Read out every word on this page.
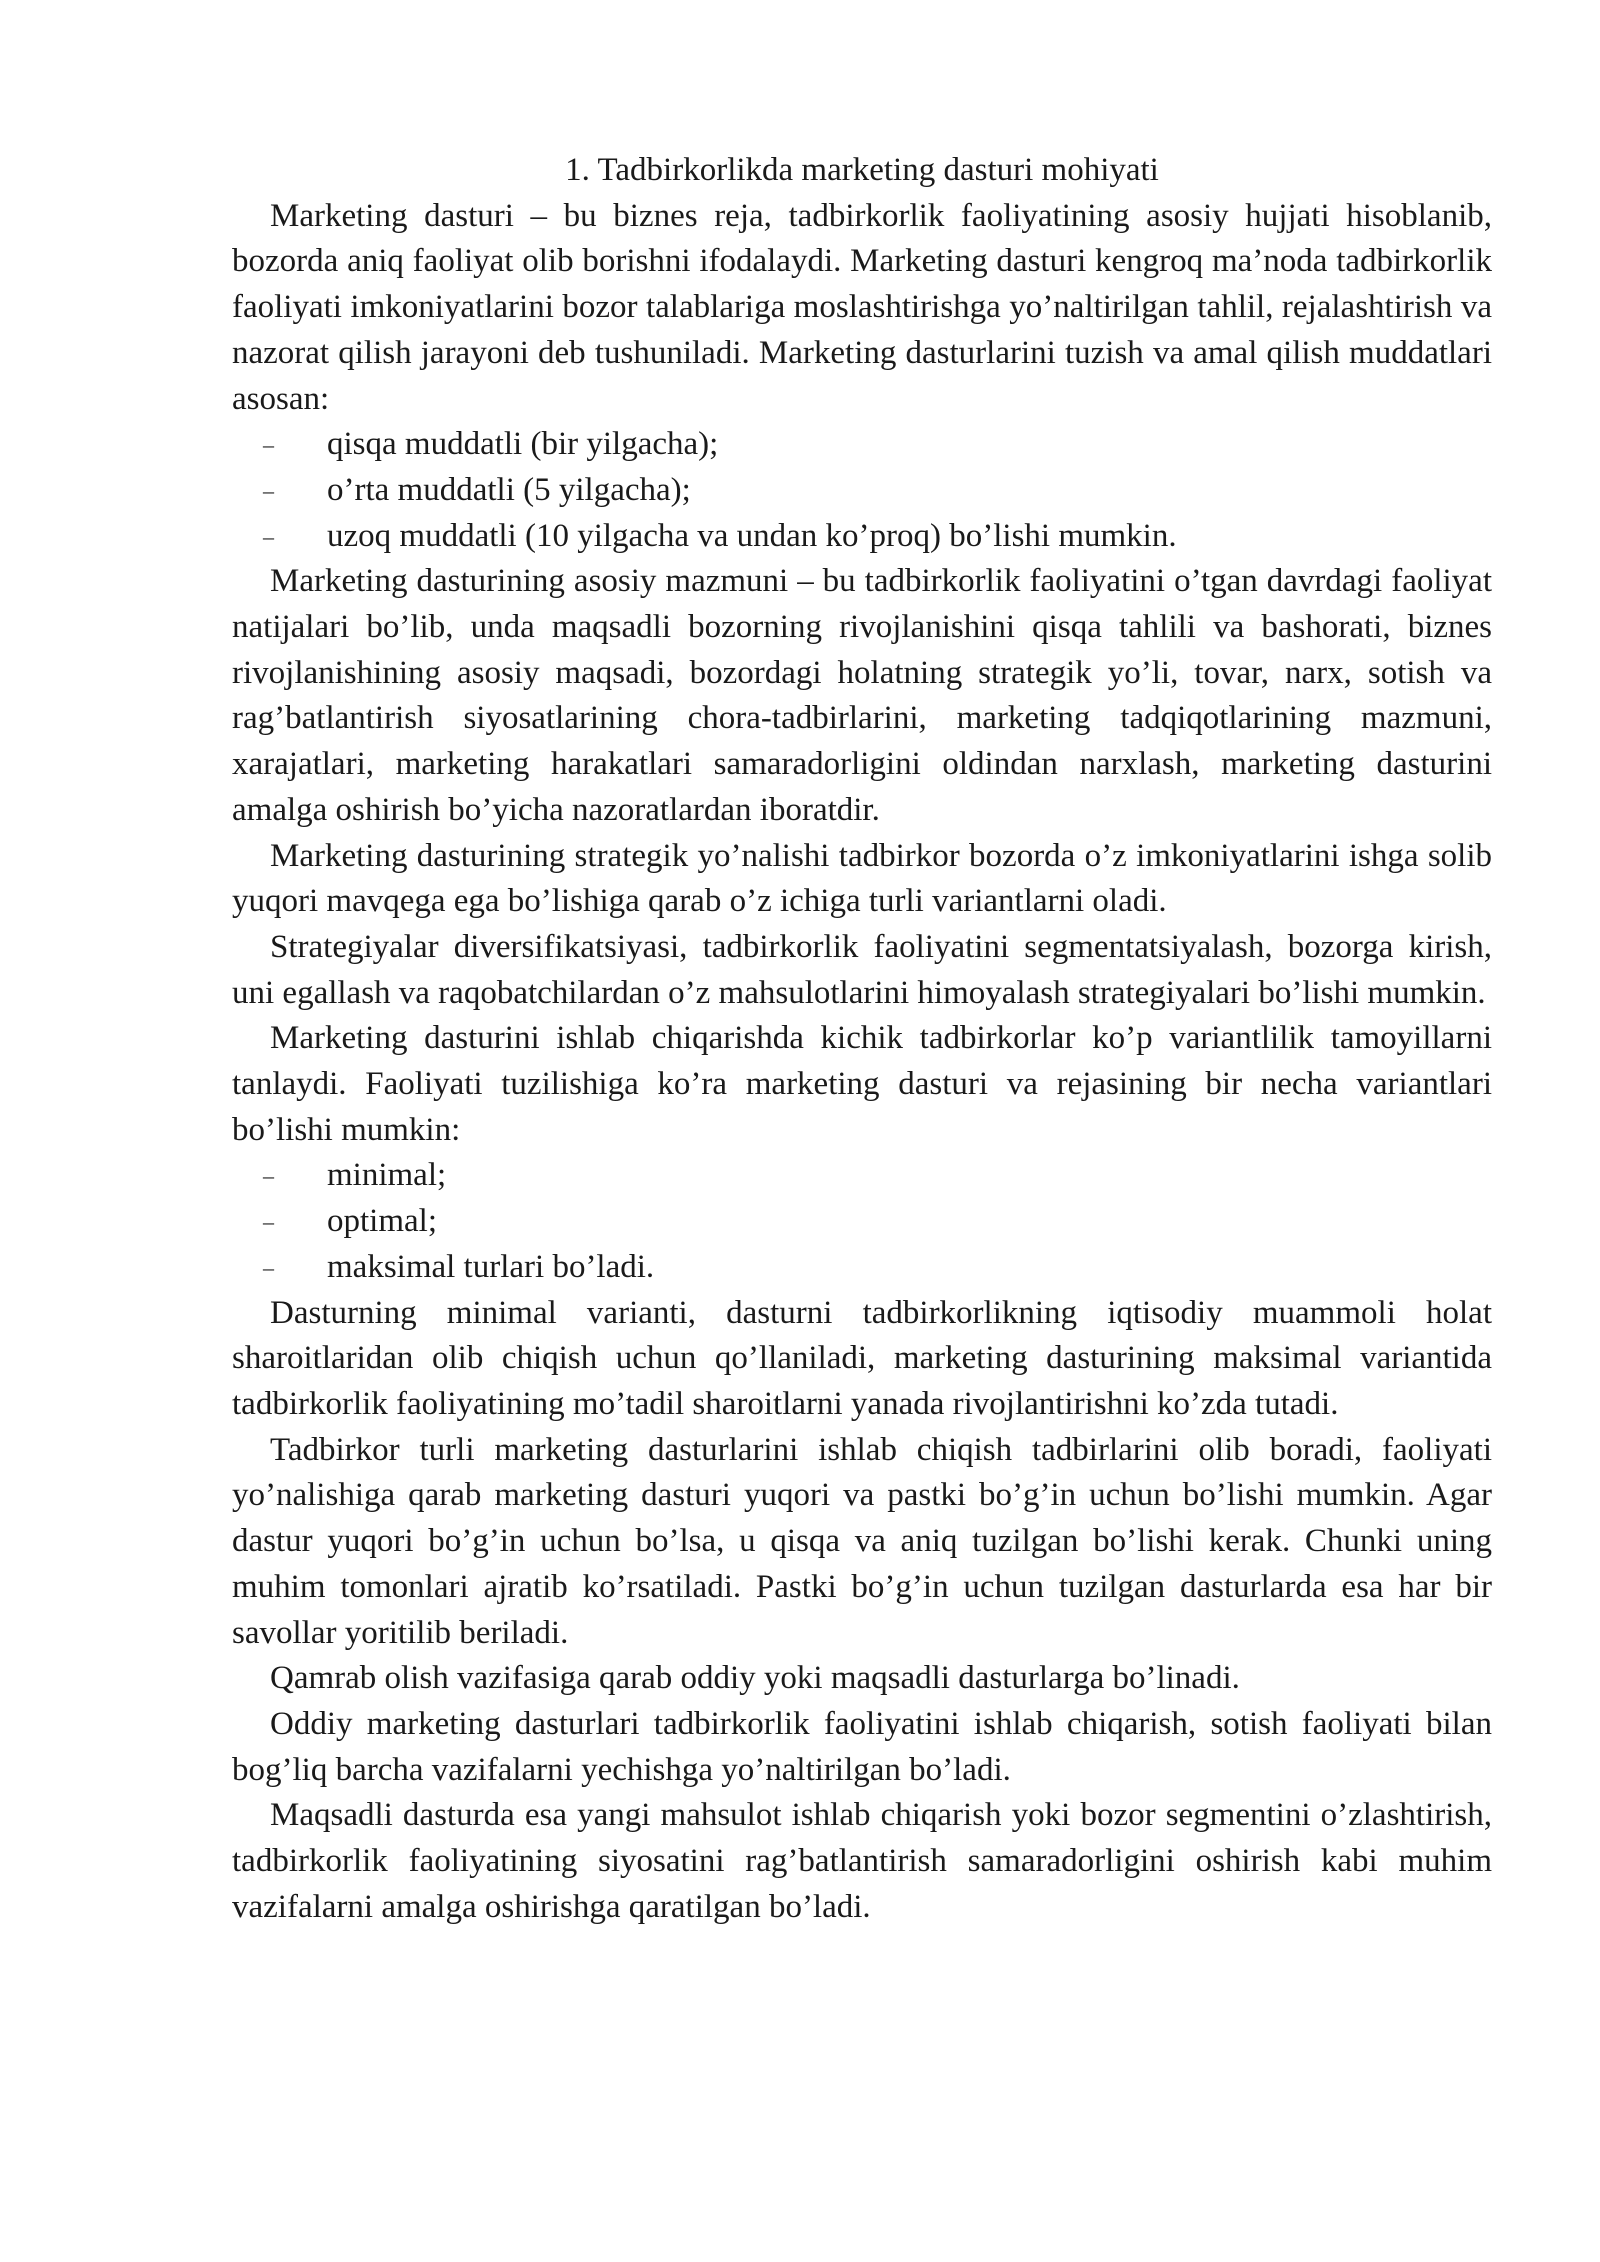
1. Tadbirkorlikda marketing dasturi mohiyati

Marketing dasturi – bu biznes reja, tadbirkorlik faoliyatining asosiy hujjati hisoblanib, bozorda aniq faoliyat olib borishni ifodalaydi. Marketing dasturi kengroq ma’noda tadbirkorlik faoliyati imkoniyatlarini bozor talablariga moslashtirishga yo’naltirilgan tahlil, rejalashtirish va nazorat qilish jarayoni deb tushuniladi. Marketing dasturlarini tuzish va amal qilish muddatlari asosan:

– qisqa muddatli (bir yilgacha);
– o’rta muddatli (5 yilgacha);
– uzoq muddatli (10 yilgacha va undan ko’proq) bo’lishi mumkin.

Marketing dasturining asosiy mazmuni – bu tadbirkorlik faoliyatini o’tgan davrdagi faoliyat natijalari bo’lib, unda maqsadli bozorning rivojlanishini qisqa tahlili va bashorati, biznes rivojlanishining asosiy maqsadi, bozordagi holatning strategik yo’li, tovar, narx, sotish va rag’batlantirish siyosatlarining chora-tadbirlarini, marketing tadqiqotlarining mazmuni, xarajatlari, marketing harakatlari samaradorligini oldindan narxlash, marketing dasturini amalga oshirish bo’yicha nazoratlardan iboratdir.

Marketing dasturining strategik yo’nalishi tadbirkor bozorda o’z imkoniyatlarini ishga solib yuqori mavqega ega bo’lishiga qarab o’z ichiga turli variantlarni oladi.

Strategiyalar diversifikatsiyasi, tadbirkorlik faoliyatini segmentatsiyalash, bozorga kirish, uni egallash va raqobatchilardan o’z mahsulotlarini himoyalash strategiyalari bo’lishi mumkin.

Marketing dasturini ishlab chiqarishda kichik tadbirkorlar ko’p variantlilik tamoyillarni tanlaydi. Faoliyati tuzilishiga ko’ra marketing dasturi va rejasining bir necha variantlari bo’lishi mumkin:

– minimal;
– optimal;
– maksimal turlari bo’ladi.

Dasturning minimal varianti, dasturni tadbirkorlikning iqtisodiy muammoli holat sharoitlaridan olib chiqish uchun qo’llaniladi, marketing dasturining maksimal variantida tadbirkorlik faoliyatining mo’tadil sharoitlarni yanada rivojlantirishni ko’zda tutadi.

Tadbirkor turli marketing dasturlarini ishlab chiqish tadbirlarini olib boradi, faoliyati yo’nalishiga qarab marketing dasturi yuqori va pastki bo’g’in uchun bo’lishi mumkin. Agar dastur yuqori bo’g’in uchun bo’lsa, u qisqa va aniq tuzilgan bo’lishi kerak. Chunki uning muhim tomonlari ajratib ko’rsatiladi. Pastki bo’g’in uchun tuzilgan dasturlarda esa har bir savollar yoritilib beriladi.

Qamrab olish vazifasiga qarab oddiy yoki maqsadli dasturlarga bo’linadi.

Oddiy marketing dasturlari tadbirkorlik faoliyatini ishlab chiqarish, sotish faoliyati bilan bog’liq barcha vazifalarni yechishga yo’naltirilgan bo’ladi.

Maqsadli dasturda esa yangi mahsulot ishlab chiqarish yoki bozor segmentini o’zlashtirish, tadbirkorlik faoliyatining siyosatini rag’batlantirish samaradorligini oshirish kabi muhim vazifalarni amalga oshirishga qaratilgan bo’ladi.
